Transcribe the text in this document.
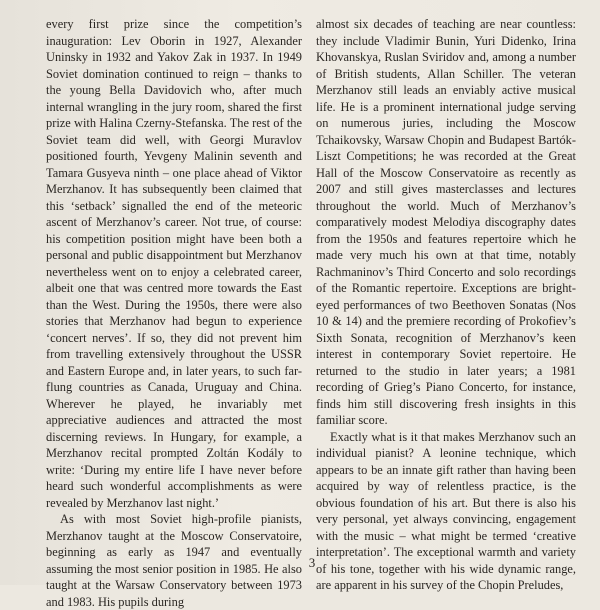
every first prize since the competition’s inauguration: Lev Oborin in 1927, Alexander Uninsky in 1932 and Yakov Zak in 1937. In 1949 Soviet domination continued to reign – thanks to the young Bella Davidovich who, after much internal wrangling in the jury room, shared the first prize with Halina Czerny-Stefanska. The rest of the Soviet team did well, with Georgi Muravlov positioned fourth, Yevgeny Malinin seventh and Tamara Gusyeva ninth – one place ahead of Viktor Merzhanov. It has subsequently been claimed that this ‘setback’ signalled the end of the meteoric ascent of Merzhanov’s career. Not true, of course: his competition position might have been both a personal and public disappointment but Merzhanov nevertheless went on to enjoy a celebrated career, albeit one that was centred more towards the East than the West. During the 1950s, there were also stories that Merzhanov had begun to experience ‘concert nerves’. If so, they did not prevent him from travelling extensively throughout the USSR and Eastern Europe and, in later years, to such far-flung countries as Canada, Uruguay and China. Wherever he played, he invariably met appreciative audiences and attracted the most discerning reviews. In Hungary, for example, a Merzhanov recital prompted Zoltán Kodály to write: ‘During my entire life I have never before heard such wonderful accomplishments as were revealed by Merzhanov last night.’

As with most Soviet high-profile pianists, Merzhanov taught at the Moscow Conservatoire, beginning as early as 1947 and eventually assuming the most senior position in 1985. He also taught at the Warsaw Conservatory between 1973 and 1983. His pupils during

almost six decades of teaching are near countless: they include Vladimir Bunin, Yuri Didenko, Irina Khovanskya, Ruslan Sviridov and, among a number of British students, Allan Schiller. The veteran Merzhanov still leads an enviably active musical life. He is a prominent international judge serving on numerous juries, including the Moscow Tchaikovsky, Warsaw Chopin and Budapest Bartók-Liszt Competitions; he was recorded at the Great Hall of the Moscow Conservatoire as recently as 2007 and still gives masterclasses and lectures throughout the world. Much of Merzhanov’s comparatively modest Melodiya discography dates from the 1950s and features repertoire which he made very much his own at that time, notably Rachmaninov’s Third Concerto and solo recordings of the Romantic repertoire. Exceptions are bright-eyed performances of two Beethoven Sonatas (Nos 10 & 14) and the premiere recording of Prokofiev’s Sixth Sonata, recognition of Merzhanov’s keen interest in contemporary Soviet repertoire. He returned to the studio in later years; a 1981 recording of Grieg’s Piano Concerto, for instance, finds him still discovering fresh insights in this familiar score.

Exactly what is it that makes Merzhanov such an individual pianist? A leonine technique, which appears to be an innate gift rather than having been acquired by way of relentless practice, is the obvious foundation of his art. But there is also his very personal, yet always convincing, engagement with the music – what might be termed ‘creative interpretation’. The exceptional warmth and variety of his tone, together with his wide dynamic range, are apparent in his survey of the Chopin Preludes,

3
